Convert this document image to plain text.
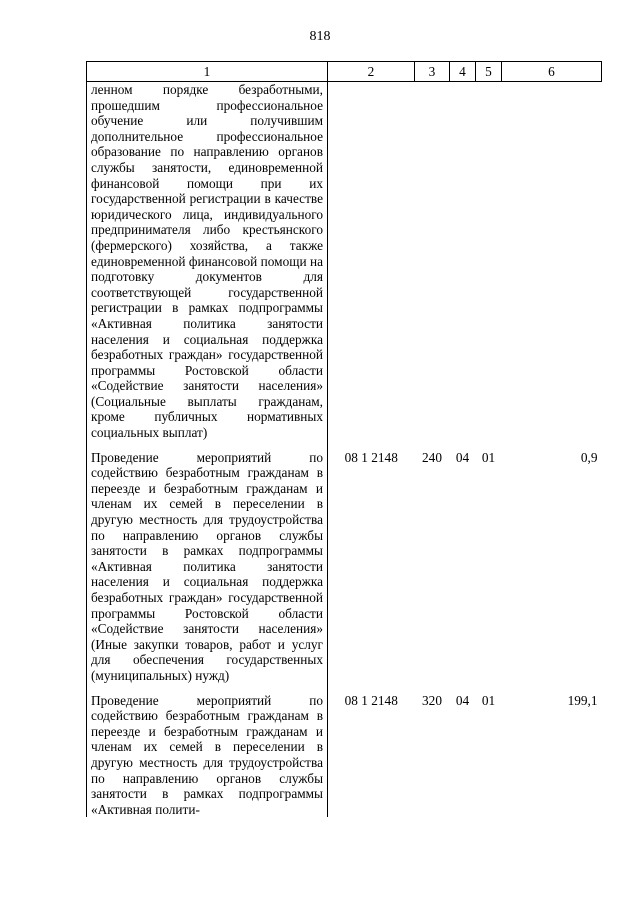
818
1	2	3	4	5	6
ленном порядке безработными, прошедшим профессиональное обучение или получившим дополнительное профессиональное образование по направлению органов службы занятости, единовременной финансовой помощи при их государственной регистрации в качестве юридического лица, индивидуального предпринимателя либо крестьянского (фермерского) хозяйства, а также единовременной финансовой помощи на подготовку документов для соответствующей государственной регистрации в рамках подпрограммы «Активная политика занятости населения и социальная поддержка безработных граждан» государственной программы Ростовской области «Содействие занятости населения» (Социальные выплаты гражданам, кроме публичных нормативных социальных выплат)					
Проведение мероприятий по содействию безработным гражданам в переезде и безработным гражданам и членам их семей в переселении в другую местность для трудоустройства по направлению органов службы занятости в рамках подпрограммы «Активная политика занятости населения и социальная поддержка безработных граждан» государственной программы Ростовской области «Содействие занятости населения» (Иные закупки товаров, работ и услуг для обеспечения государственных (муниципальных) нужд)	08 1 2148	240	04	01	0,9
Проведение мероприятий по содействию безработным гражданам в переезде и безработным гражданам и членам их семей в переселении в другую местность для трудоустройства по направлению органов службы занятости в рамках подпрограммы «Активная полити-	08 1 2148	320	04	01	199,1
